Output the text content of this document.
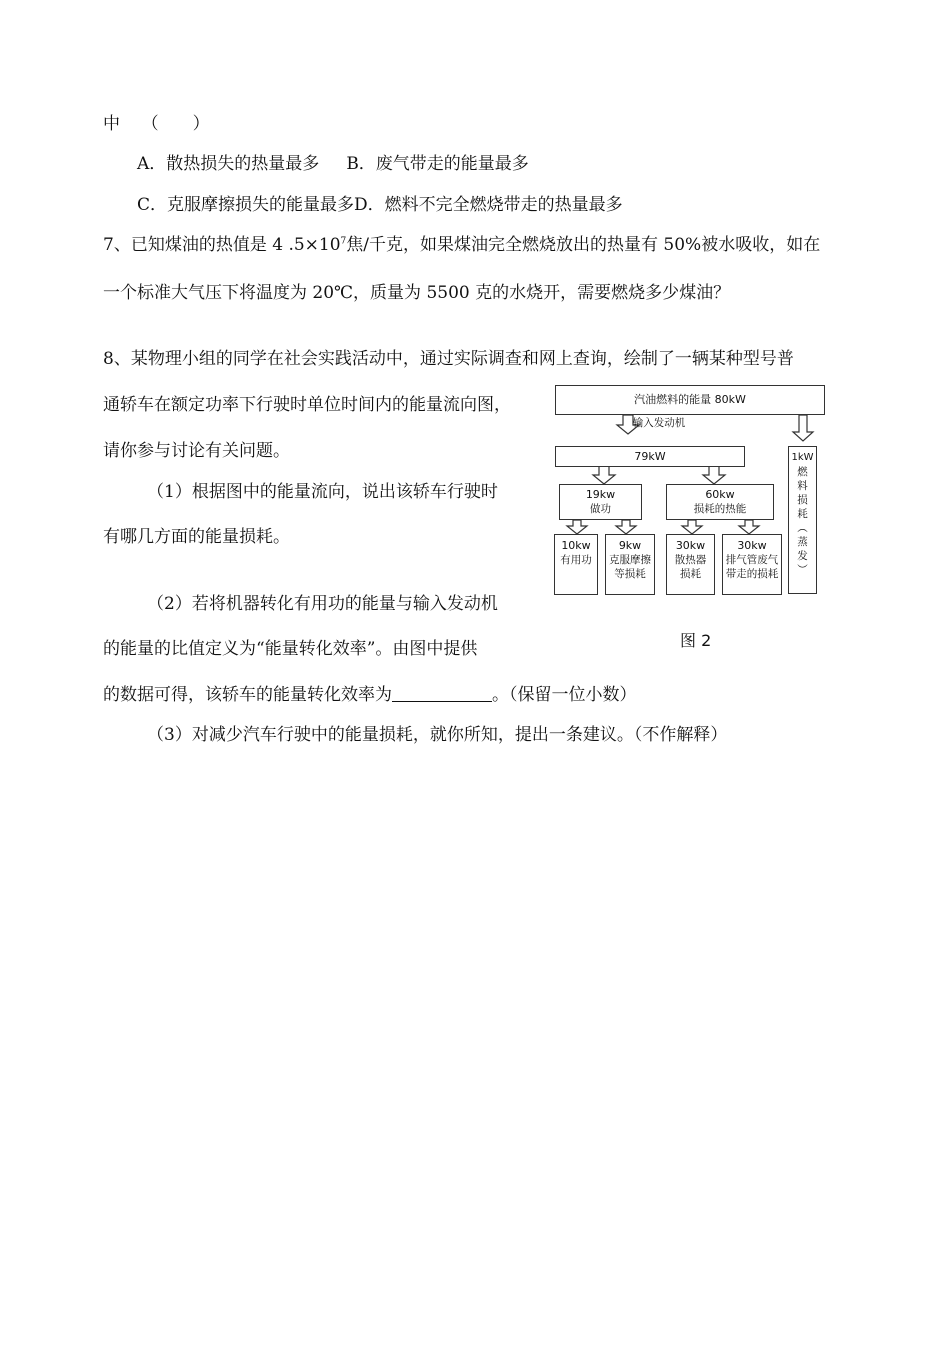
中 （　　）
A．散热损失的热量最多 B．废气带走的能量最多
C．克服摩擦损失的能量最多D．燃料不完全燃烧带走的热量最多
7、已知煤油的热值是 4 $.5\times 10^7$焦/千克，如果煤油完全燃烧放出的热量有 50%被水吸收，如在
一个标准大气压下将温度为 20℃，质量为 5500 克的水烧开，需要燃烧多少煤油？
8、某物理小组的同学在社会实践活动中，通过实际调查和网上查询，绘制了一辆某种型号普
通轿车在额定功率下行驶时单位时间内的能量流向图，
请你参与讨论有关问题。
（1）根据图中的能量流向，说出该轿车行驶时
有哪几方面的能量损耗。
（2）若将机器转化有用功的能量与输入发动机
的能量的比值定义为“能量转化效率”。由图中提供
的数据可得，该轿车的能量转化效率为	。（保留一位小数）
（3）对减少汽车行驶中的能量损耗，就你所知，提出一条建议。（不作解释）
汽油燃料的能量 80kW
输入发动机
79kW
19kw
做功
60kw
损耗的热能
10kw
有用功
9kw
克服摩擦
等损耗
30kw
散热器
损耗
30kw
排气管废气
带走的损耗
1kW
燃
料
损
耗
︵
蒸
发
︶
图 2
